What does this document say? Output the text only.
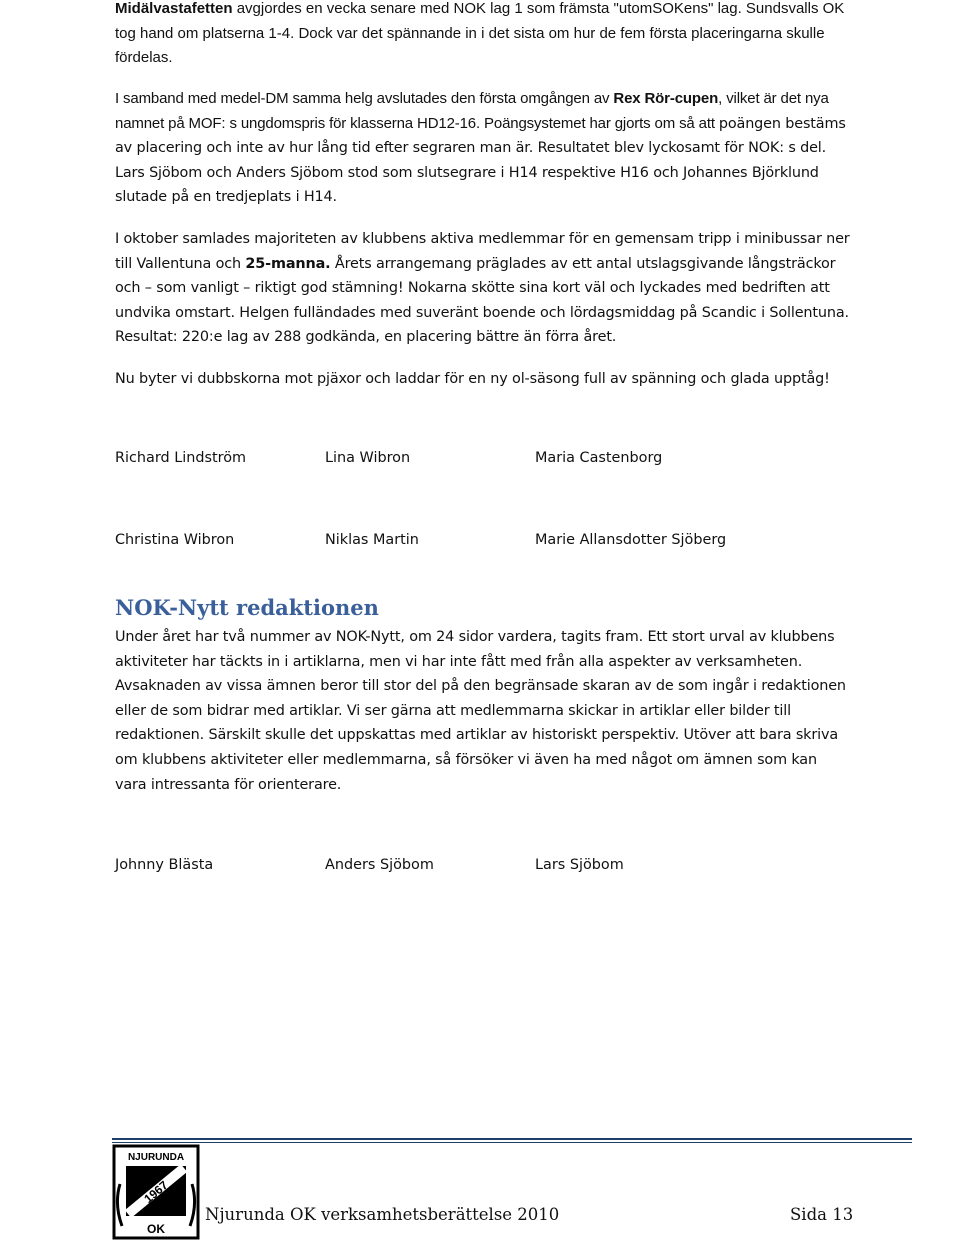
Midälvastafetten avgjordes en vecka senare med NOK lag 1 som främsta "utomSOKens" lag. Sundsvalls OK tog hand om platserna 1-4. Dock var det spännande in i det sista om hur de fem första placeringarna skulle fördelas.

I samband med medel-DM samma helg avslutades den första omgången av Rex Rör-cupen, vilket är det nya namnet på MOF: s ungdomspris för klasserna HD12-16. Poängsystemet har gjorts om så att poängen bestäms av placering och inte av hur lång tid efter segraren man är. Resultatet blev lyckosamt för NOK: s del. Lars Sjöbom och Anders Sjöbom stod som slutsegrare i H14 respektive H16 och Johannes Björklund slutade på en tredjeplats i H14.

I oktober samlades majoriteten av klubbens aktiva medlemmar för en gemensam tripp i minibussar ner till Vallentuna och 25-manna. Årets arrangemang präglades av ett antal utslagsgivande långsträckor och – som vanligt – riktigt god stämning! Nokarna skötte sina kort väl och lyckades med bedriften att undvika omstart. Helgen fulländades med suveränt boende och lördagsmiddag på Scandic i Sollentuna. Resultat: 220:e lag av 288 godkända, en placering bättre än förra året.

Nu byter vi dubbskorna mot pjäxor och laddar för en ny ol-säsong full av spänning och glada upptåg!

Richard Lindström	Lina Wibron	Maria Castenborg
Christina Wibron	Niklas Martin	Marie Allansdotter Sjöberg
NOK-Nytt redaktionen

Under året har två nummer av NOK-Nytt, om 24 sidor vardera, tagits fram. Ett stort urval av klubbens aktiviteter har täckts in i artiklarna, men vi har inte fått med från alla aspekter av verksamheten. Avsaknaden av vissa ämnen beror till stor del på den begränsade skaran av de som ingår i redaktionen eller de som bidrar med artiklar. Vi ser gärna att medlemmarna skickar in artiklar eller bilder till redaktionen. Särskilt skulle det uppskattas med artiklar av historiskt perspektiv. Utöver att bara skriva om klubbens aktiviteter eller medlemmarna, så försöker vi även ha med något om ämnen som kan vara intressanta för orienterare.

Johnny Blästa	Anders Sjöbom	Lars Sjöbom
NJURUNDA
1967
OK
Njurunda OK verksamhetsberättelse 2010	Sida 13
